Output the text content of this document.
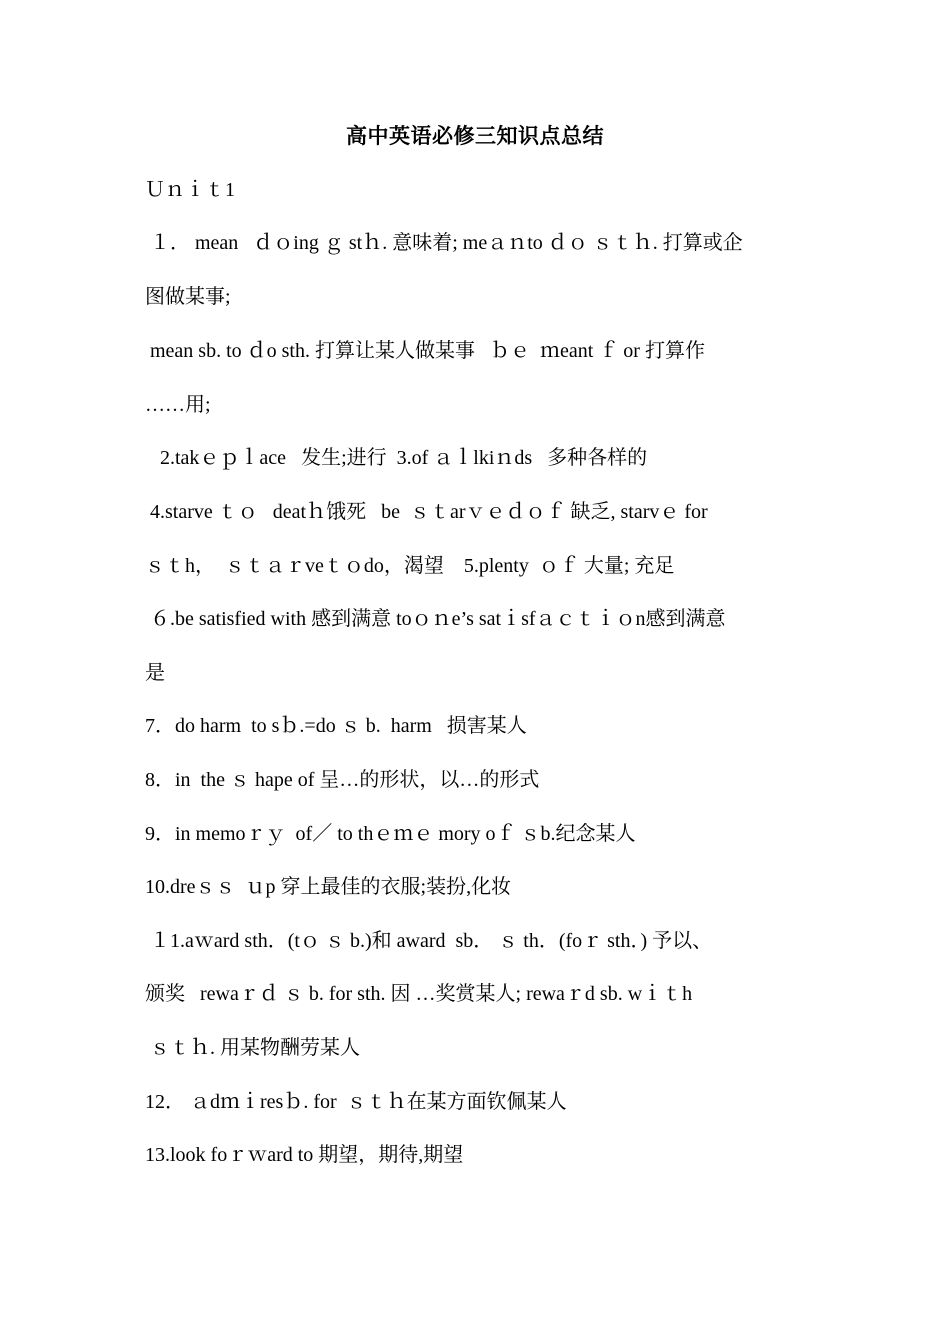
高中英语必修三知识点总结
Ｕｎｉｔ1
１． mean   ｄｏing ｇ stｈ. 意味着; meａｎto ｄｏ ｓｔｈ. 打算或企
图做某事;
mean sb. to ｄo sth. 打算让某人做某事   ｂｅ  ｍeant ｆ or 打算作
……用;
2.takｅｐｌace   发生;进行  3.of ａｌlkiｎds   多种各样的
4.starve ｔｏ   deatｈ饿死   be  ｓｔarｖｅｄｏｆ 缺乏, starvｅ for
ｓｔh，  ｓｔａｒveｔｏdo，渴望    5.plenty  ｏｆ 大量; 充足
６.be satisfied with 感到满意 toｏｎe’s satｉsfａｃｔｉｏn感到满意
是
7．do harm  to sｂ.=do ｓ b.  harm   损害某人
8．in  the ｓ hape of 呈…的形状，以…的形式
9．in memoｒｙ  of／ to thｅｍｅ mory oｆ ｓb.纪念某人
10.dreｓｓ  ｕp 穿上最佳的衣服;装扮,化妆
１1.aｗard sth．(tｏ ｓ b.)和 award  sb． ｓ th．(foｒ sth．) 予以、
颁奖   rewaｒｄ ｓ b. for sth. 因 …奖赏某人; rewaｒd sb. wｉｔh
ｓｔｈ. 用某物酬劳某人
12． ａdｍｉresｂ. for  ｓｔｈ在某方面钦佩某人
13.look foｒｗard to 期望，期待,期望
